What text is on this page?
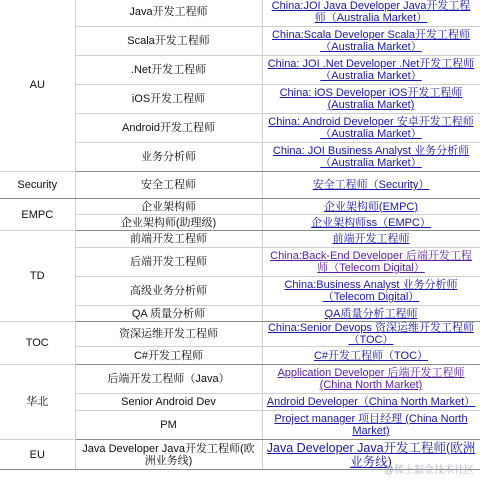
AU	Java开发工程师	China:JOI Java Developer Java开发工程师（Australia Market）
	Scala开发工程师	China:Scala Developer Scala开发工程师（Australia Market）
	.Net开发工程师	China: JOI .Net Developer .Net开发工程师（Australia Market）
	iOS开发工程师	China: iOS Developer iOS开发工程师 (Australia Market)
	Android开发工程师	China: Android Developer 安卓开发工程师（Australia Market）
	业务分析师	China: JOI Business Analyst 业务分析师（Australia Market）
Security	安全工程师	安全工程师（Security）
EMPC	企业架构师	企业架构师(EMPC)
	企业架构师(助理级)	企业架构师ss（EMPC）
TD	前端开发工程师	前端开发工程师
	后端开发工程师	China:Back-End Developer 后端开发工程师（Telecom Digital）
	高级业务分析师	China:Business Analyst 业务分析师（Telecom Digital）
	QA 质量分析师	QA质量分析工程师
TOC	资深运维开发工程师	China:Senior Devops 资深运维开发工程师（TOC）
	C#开发工程师	C#开发工程师（TOC）
华北	后端开发工程师（Java）	Application Developer 后端开发工程师 (China North Market)
	Senior Android Dev	Android Developer（China North Market）
	PM	Project manager 项目经理 (China North Market)
EU	Java Developer Java开发工程师(欧洲业务线)	Java Developer Java开发工程师(欧洲业务线)
@稀土掘金技术社区
